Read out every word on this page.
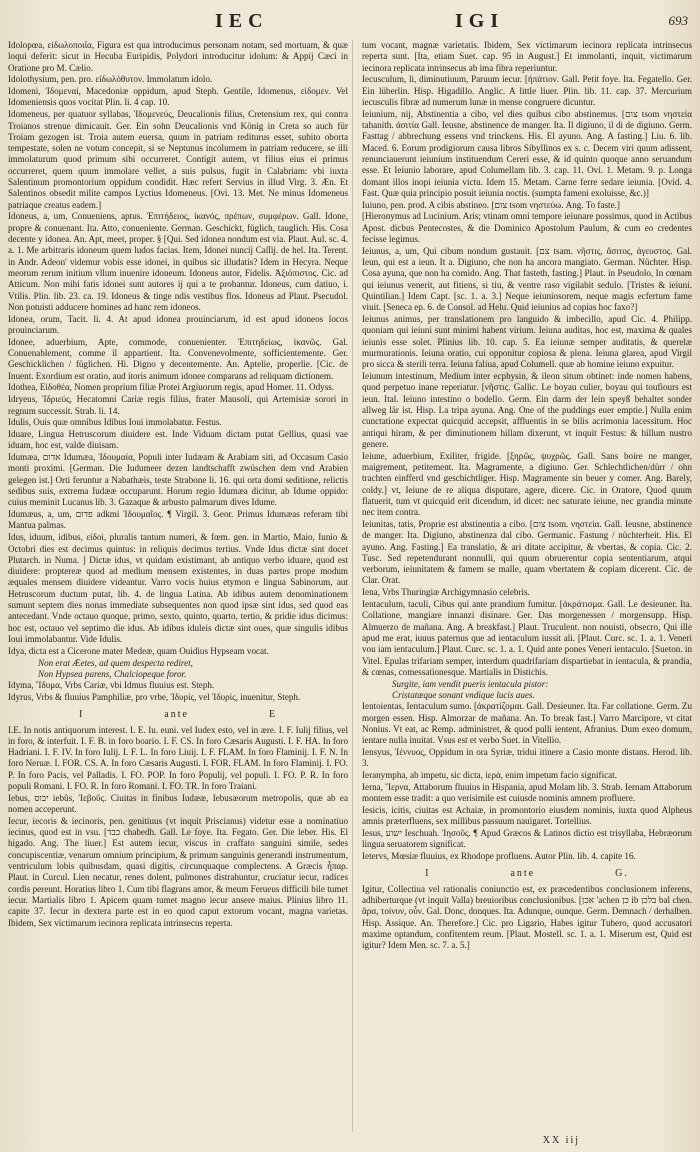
IEC	IGI	693

Idolopœa, εἰδωλοποιΐα, Figura est qua introducimus personam notam, sed mortuam, & quæ loqui deferit: sicut in Hecuba Euripidis, Polydori introducitur idolum: & Appij Cæci in Oratione pro M. Cælio.

Idolothysium, pen. pro. εἰδωλόθυτον. Immolatum idolo.

Idomeni, Ἰδομεναί, Macedoniæ oppidum, apud Steph. Gentile, Idomenus, εἰδομεν. Vel Idomeniensis quos vocitat Plin. li. 4 cap. 10.

Idomeneus, per quatuor syllabas, Ἰδομενεύς, Deucalionis filius, Cretensium rex, qui contra Troianos strenue dimicauit. Ger. Ein sohn Deucalionis vnd König in Creta so auch für Troiam gezogen ist. Troia autem euersa, quum in patriam rediturus esset, subito oborta tempestate, solen ne votum concepit, si se Neptunus incolumem in patriam reducere, se illi immolaturum quod primum sibi occurreret. Contigit autem, vt filius eius ei primus occurreret, quem quum immolare vellet, a suis pulsus, fugit in Calabriam: vbi iuxta Salentinum promontorium oppidum condidit. Hæc refert Servius in illud Virg. 3. Æn. Et Salentinos obsedit milite campos Lyctius Idomeneus. [Ovi. 13. Met. Ne minus Idomeneus patriaque creatus eadem.]

Idoneus, a, um, Conueniens, aptus. Ἐπιτήδειος, ἱκανός, πρέπων, συμφέρων. Gall. Idone, propre & conuenant. Ita. Atto, conueniente. German. Geschickt, füglich, tauglich. His. Cosa decente y idonea. An. Apt, meet, proper. § [Qui. Sed idonea nondum est via. Plaut. Aul. sc. 4. a. 1. Me arbitraris idoneum quem ludos facias. Item, Idonei nunciј Caſſij. de hel. Ita. Terent. in Andr. Adeon' videmur vobis esse idonei, in quibus sic illudatis? Idem in Hecyra. Neque meorum rerum initium vllum inuenire idoneum. Idoneus autor, Fidelis. Ἀξιόπιστος. Cic. ad Atticum. Non mihi fatis idonei sunt autores ij qui a te probantur. Idoneus, cum datiuo, i. Vtilis. Plin. lib. 23. ca. 19. Idoneus & tinge ndis vestibus flos. Idoneus ad Plaut. Psecudol. Non potuisti adducere homines ad hanc rem idoneos.

Idonea, orum, Tacit. li. 4. At apud idonea prouinciarum, id est apud idoneos locos prouinciarum.

Idonee, aduerbium, Apte, commode, conuenienter. Ἐπιτηδείως, ἱκανῶς. Gal. Conuenablement, comme il appartient. Ita. Convenevolmente, sofficientemente. Ger. Geschicklichen / füglichen. Hi. Digno y decentemente. An. Aptelie, properlie. [Cic. de Inuent. Exordium est oratio, aud itoris animum idonee comparans ad reliquam dictionem.

Idothea, Εἰδοθέα, Nomen proprium filiæ Protei Argiuorum regis, apud Homer. 11. Odyss.

Idryeus, Ἰδριεύς, Hecatomni Cariæ regis filius, frater Mausoli, qui Artemisiæ sorori in regnum successit. Strab. li. 14.

Idulis, Ouis quæ omnibus Idibus Ioui immolabatur. Festus.

Iduare, Lingua Hetruscorum diuidere est. Inde Viduam dictam putat Gellius, quasi vae iduam, hoc est, valde diuisam.

Idumæa, אדום Idumæa, Ἰδουμαία, Populi inter Iudæam & Arabiam siti, ad Occasum Casio monti proximi. [German. Die Iudumeer dezen landtschafft zwüschen dem vnd Arabien gelegen ist.] Orti feruntur a Nabathæis, teste Strabone li. 16. qui orta domi seditione, relictis sedibus suis, extrema Iudææ occuparunt. Horum regio Idumæa dicitur, ab Idume oppido: cuius meminit Lucanus lib. 3. Gazaque & arbusto palmarum dives Idume.

Idumæus, a, um, פדום adkmi Ἰδουμαῖος. ¶ Virgil. 3. Geor. Primus Idumæas referam tibi Mantua palmas.

Idus, iduum, idibus, εἰδοί, pluralis tantum numeri, & fœm. gen. in Martio, Maio, Iunio & Octobri dies est decimus quintus: in reliquis decimus tertius. Vnde Idus dictæ sint docet Plutarch. in Numa. ] Dictæ idus, vt quidam existimant, ab antiquo verbo iduare, quod est diuidere: proptereæ quod ad medium mensem existentes, in duas partes prope modum æquales mensem diuidere videantur. Varro vocis huius etymon e lingua Sabinorum, aut Hetruscorum ductum putat, lib. 4. de lingua Latina. Ab idibus autem denominationem sumunt septem dies nonas immediate subsequentes non quod ipsæ sint idus, sed quod eas antecedant. Vnde octauo quoque, primo, sexto, quinto, quarto, tertio, & pridie idus dicimus: hoc est, octauo vel septimo die idus. Ab idibus iduleis dictæ sint oues, quæ singulis idibus Ioui immolabantur. Vide Idulis.

Idya, dicta est a Cicerone mater Medeæ, quam Ouidius Hypseam vocat.

Non erat Æetes, ad quem despecta rediret,
Non Hypsea parens, Chalciopeque foror.

Idyma, Ἴδυμα, Vrbs Cariæ, vbi Idmus fluuius est. Steph.

Idyrus, Vrbs & fluuius Pamphiliæ, pro vrbe, Ἰδυρίς, vel Ἰδυρίς, inuenitur, Steph.

I	ante	E

I.E. In notis antiquorum interest. I. E. Iu. euni. vel Iudex esto, vel in ære. I. F. Iulij filius, vel in foro, & interfuit. I. F. B. in foro boario. I. F. CS. In foro Cæsaris Augusti. I. F. HA. In foro Hadriani. I. F. IV. In foro Iulij. I. F. L. In foro Liuij. I. F. FLAM. In foro Flaminij. I. F. N. In foro Neruæ. I. FOR. CS. A. In foro Cæsaris Augusti. I. FOR. FLAM. In foro Flaminij. I. FO. P. In foro Pacis, vel Palladis. I. FO. POP. In foro Populij, vel populi. I. FO. P. R. In foro populi Romani. I. FO. R. In foro Romani. I. FO. TR. In foro Traiani.

Iebus, יבוס iebûs, Ἰεβοῦς. Ciuitas in finibus Iudææ, Iebusæorum metropolis, quæ ab ea nomen acceperunt.

Iecur, iecoris & iecinoris, pen. genitiuus (vt inquit Priscianus) videtur esse a nominatiuo iecinus, quod est in vsu. [כבד chabedh. Gall. Le foye. Ita. Fegato. Ger. Die leber. His. El higado. Ang. The liuer.] Est autem iecur, viscus in craffato sanguini simile, sedes concupiscentiæ, venarum omnium principium, & primum sanguinis generandi instrumentum, ventriculum lobis quibusdam, quasi digitis, circunquaque complectens. A Græcis ἧπαρ. Plaut. in Curcul. Lien necatur, renes dolent, pulmones distrahuntur, cruciatur iecur, radices cordis pereunt. Horatius libro 1. Cum tibi flagrans amor, & meum Ferueus difficili bile tumet iecur. Martialis libro 1. Apicem quam tumet magno iecur ansere maius. Plinius libro 11. capite 37. Iecur in dextera parte est in eo quod caput extorum vocant, magna varietas. Ibidem, Sex victimarum iecinora replicata intrinsecus reperta.

tum vocant, magnæ varietatis. Ibidem, Sex victimarum iecinora replicata intrinsecus reperta sunt. [Ita, etiam Suet. cap. 95 in August.] Et immolanti, inquit, victimarum iecinora replicata intrinsecus ab ima fibra reperiuntur.

Iecusculum, li, diminutiuum, Paruum iecur. [ἡπάτιον. Gall. Petit foye. Ita. Fegatello. Ger. Ein lüberlin. Hisp. Higadillo. Anglic. A little liuer. Plin. lib. 11. cap. 37. Mercurium iecusculis fibræ ad numerum lunæ in mense congruere dicuntur.

Ieiunium, nij, Abstinentia a cibo, vel dies quibus cibo abstinemus. [צום tsom νηστεία tahanith. ἀσιτία Gall. Ieusne, abstinence de manger. Ita. Il digiuno, il di de digiuno. Germ. Fasttag / abbrechung essens vnd trinckens. His. El ayuno. Ang. A fasting.] Liu. 6. lib. Maced. 6. Eorum prodigiorum causa libros Sibyllinos ex s. c. Decem viri quum adissent, renunciauerunt ieiunium instituendum Cereri esse, & id quinto quoque anno seruandum esse. Et Ieiunio laborare, apud Columellam lib. 3. cap. 11. Ovi. 1. Metam. 9. p. Longa domant illos inopi ieiunia victu. Idem 15. Metam. Carne ferre sedare ieiunia. [Ovid. 4. Fast. Quæ quia principio posuit ieiunia noctis. (sumpta fameni exoluisse, &c.)]

Iuiuno, pen. prod. A cibis abstineo. [צום tsom νηστεύω. Ang. To faste.]

[Hieronymus ad Lucinium. Aris; vtinam omni tempore ieiunare possimus, quod in Actibus Apost. dicbus Pentecostes, & die Dominico Apostolum Paulum, & cum eo credentes fecisse legimus.

Ieiunus, a, um, Qui cibum nondum gustauit. [צם tsam. νῆστις, ἄσιτος, ἀγευστος. Gal. Ieun, qui est a ieun. It a. Digiuno, che non ha ancora mangiato. German. Nüchter. Hisp. Cosa ayuna, que non ha comido. Ang. That fasteth, fasting.] Plaut. in Pseudolo, In cœnam qui ieiunus venerit, aut fitiens, si tiu, & ventre raso vigilabit sedulo. [Tristes & ieiuni. Quintilian.] Idem Capt. [sc. 1. a. 3.] Neque ieiuniosorem, neque magis ecfertum fame viuit. [Seneca ep. 6. de Consol. ad Helu. Quid ieiunius ad copias hoc faxo?]

Ieiunus animus, per translationem pro languido & imbecillo, apud Cic. 4. Philipp. quoniam qui ieiuni sunt minimi habent virium. Ieiuna auditas, hoc est, maxima & quales ieiunis esse solet. Plinius lib. 10. cap. 5. Ea ieiunæ semper auditatis, & querelæ murmurationis. Ieiuna oratio, cui opponitur copiosa & plena. Ieiuna glarea, apud Virgil pro sicca & sterili terra. Ieiuna faliua, apud Columell. quæ ab homine ieiuno expuitur.

Ieiunum intestinum, Medium inter ecphysin, & ileon situm obtinet: inde nomen habens, quod perpetuo inane reperiatur. [νῆστις. Gallic. Le boyau culier, boyau qui toufiours est ieun. Ital. Ieiuno intestino o bodello. Germ. Ein darm der lein speyß behaltet sonder allweg lär ist. Hisp. La tripa ayuna. Ang. One of the puddings euer emptie.] Nulla enim cunctatione expectat quicquid accepsit, affluentis in se bilis acrimonia lacessitum. Hoc antiqui hiram, & per diminutionem hillam dixerunt, vt inquit Festus: & hillum nustro genere.

Ieiune, aduerbium, Exiliter, frigide. [ξηρῶς, ψυχρῶς. Gall. Sans boire ne manger, maigrement, petitement. Ita. Magramente, a digiuno. Ger. Schlechtlichen/dürr / ohn trachten einfferd vnd geschichtliger. Hisp. Magramente sin beuer y comer. Ang. Barely, coldy.] vt, Ieiune de re aliqua disputare, agere, dicere. Cic. in Oratore, Quod quum flatuerit, tum vt quicquid erit dicendum, id dicet: nec saturate ieiune, nec grandia minute nec item contra.

Ieiunitas, tatis, Proprie est abstinentia a cibo. [צום tsom. νηστεία. Gall. Ieusne, abstinence de manger. Ita. Digiuno, abstinenza dal cibo. Germanic. Fastung / nüchterheit. His. El ayuno. Ang. Fasting.] Ea translatio, & ari ditate accipitur, & vbertas, & copia. Cic. 2. Tusc. Sed repetendurant nonnulli, qui quum obruerentur copia sententiarum, atqui verborum, ieiunitatem & famem se malle, quam vbertatem & copiam dicerent. Cic. de Clar. Orat.

Iena, Vrbs Thuringiæ Archigymnasio celebris.

Ientaculum, taculi, Cibus qui ante prandium fumitur. [ἀκράτισμα. Gall. Le desieuner. Ita. Collatione, mangiare innanzi disinare. Ger. Das morgenessen / morgensupp. Hisp. Almuerzo de mañana. Ang. A breakfast.] Plaut. Truculent. non nouisti, obsecro, Qui ille apud me erat, iuuus paternus que ad ientaculum iussit ali. [Plaut. Curc. sc. 1. a. 1. Veneri vou iam ientaculum.] Plaut. Curc. sc. 1. a. 1. Quid ante pones Veneri ientaculo. [Sueton. in Vitel. Epulas trifariam semper, interdum quadrifariam dispartiebat in ientacula, & prandia, & cœnas, comessationesque. Martialis in Distichis.

Surgite, iam vendit pueris ientacula pistor:
Cristatæque sonant vndique lucis aues.

Ientoientas, Ientaculum sumo. [ἀκρατίζομαι. Gall. Desieuner. Ita. Far collatione. Germ. Zu morgen essen. Hisp. Almorzar de mañana. An. To break fast.] Varro Marcipore, vt citat Nonius. Vt eat, ac Remp. administret, & quod pulli ientent, Afranius. Dum exeo domum, ientare nulla inuitat. Vsus est et verbo Suet. in Vitellio.

Iensyus, Ἰέννυος, Oppidum in ora Syriæ, tridui itinere a Casio monte distans. Herod. lib. 3.

Ieranympha, ab impetu, sic dicta, ἱερὰ, enim impetum facio significat.

Ierna, Ἴερνα, Attaborum fluuius in Hispania, apud Molam lib. 3. Strab. Iernam Attaborum montem esse tradit: a quo verisimile est cuiusde nominis amnem profluere.

Iesicis, icitis, ciuitas est Achaiæ, in promontorio eiusdem nominis, iuxta quod Alpheus amnis præterfluens, sex millibus passuum nauigaret. Tortellius.

Iesus, ישוע Ieschuah. Ἰησοῦς. ¶ Apud Græcos & Latinos dictio est trisyllaba, Hebræorum lingua seruatorem significat.

Ietervs, Mœsiæ fluuius, ex Rhodope profluens. Autor Plin. lib. 4. capite 16.

I	ante	G.

Igitur, Collectiua vel rationalis coniunctio est, ex præcedentibus conclusionem inferens, adhiberturque (vt inquit Valla) breuioribus conclusionibus. [אכן 'achen כן ib בלכן bal chen. ἄρα, τοίνυν, οὖν. Gal. Donc, donques. Ita. Adunque, ounque. Germ. Demnach / derhalben. Hisp. Assique. An. Therefore.] Cic. pro Ligario, Habes igitur Tubero, quod accusatori maxime optandum, confitentem reum. [Plaut. Mostell. sc. 1. a. 1. Miserum est, Quid est igitur? Idem Men. sc. 7. a. 5.]

XX iij
